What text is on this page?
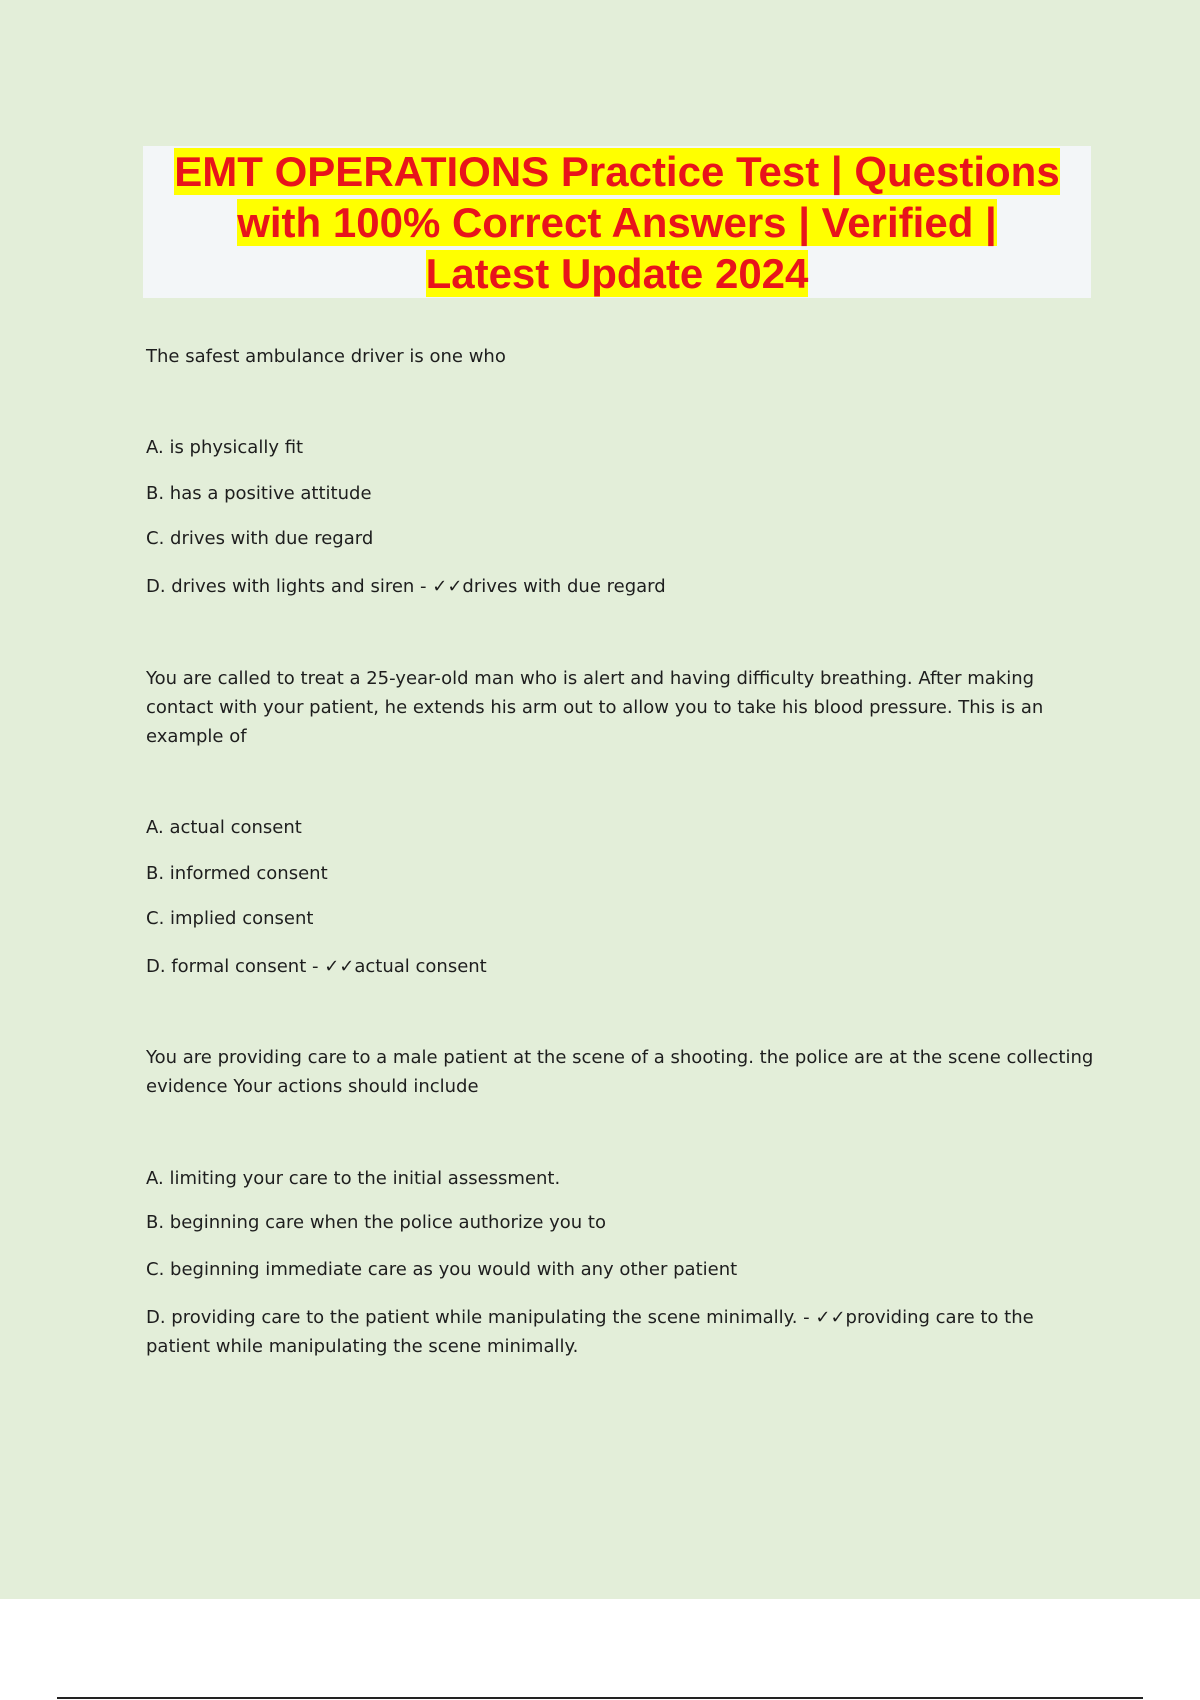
EMT OPERATIONS Practice Test | Questions
with 100% Correct Answers | Verified |
Latest Update 2024

The safest ambulance driver is one who

A. is physically fit

B. has a positive attitude

C. drives with due regard

D. drives with lights and siren - ✓✓drives with due regard

You are called to treat a 25-year-old man who is alert and having difficulty breathing. After making contact with your patient, he extends his arm out to allow you to take his blood pressure. This is an example of

A. actual consent

B. informed consent

C. implied consent

D. formal consent - ✓✓actual consent

You are providing care to a male patient at the scene of a shooting. the police are at the scene collecting evidence Your actions should include

A. limiting your care to the initial assessment.

B. beginning care when the police authorize you to

C. beginning immediate care as you would with any other patient

D. providing care to the patient while manipulating the scene minimally. - ✓✓providing care to the patient while manipulating the scene minimally.
